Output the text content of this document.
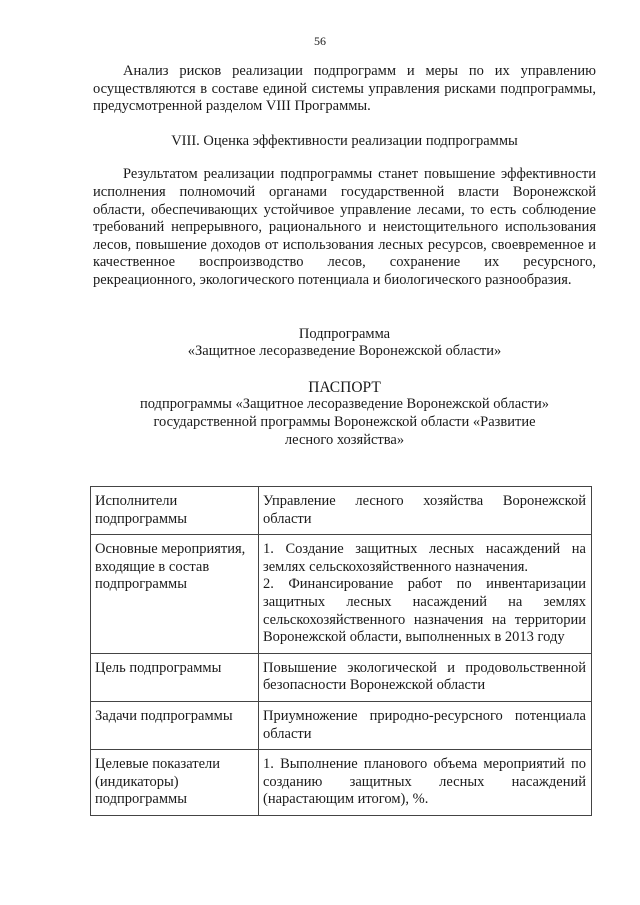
56

Анализ рисков реализации подпрограмм и меры по их управлению осуществляются в составе единой системы управления рисками подпрограммы, предусмотренной разделом VIII Программы.

VIII. Оценка эффективности реализации подпрограммы

Результатом реализации подпрограммы станет повышение эффективности исполнения полномочий органами государственной власти Воронежской области, обеспечивающих устойчивое управление лесами, то есть соблюдение требований непрерывного, рационального и неистощительного использования лесов, повышение доходов от использования лесных ресурсов, своевременное и качественное воспроизводство лесов, сохранение их ресурсного, рекреационного, экологического потенциала и биологического разнообразия.

Подпрограмма

«Защитное лесоразведение Воронежской области»

ПАСПОРТ

подпрограммы «Защитное лесоразведение Воронежской области»

государственной программы Воронежской области «Развитие

лесного хозяйства»

Исполнители подпрограммы	Управление лесного хозяйства Воронежской области

Основные мероприятия, входящие в состав подпрограммы	1. Создание защитных лесных насаждений на землях сельскохозяйственного назначения.
2. Финансирование работ по инвентаризации защитных лесных насаждений на землях сельскохозяйственного назначения на территории Воронежской области, выполненных в 2013 году

Цель подпрограммы	Повышение экологической и продовольственной безопасности Воронежской области

Задачи подпрограммы	Приумножение природно-ресурсного потенциала области

Целевые показатели (индикаторы) подпрограммы	1. Выполнение планового объема мероприятий по созданию защитных лесных насаждений (нарастающим итогом), %.
